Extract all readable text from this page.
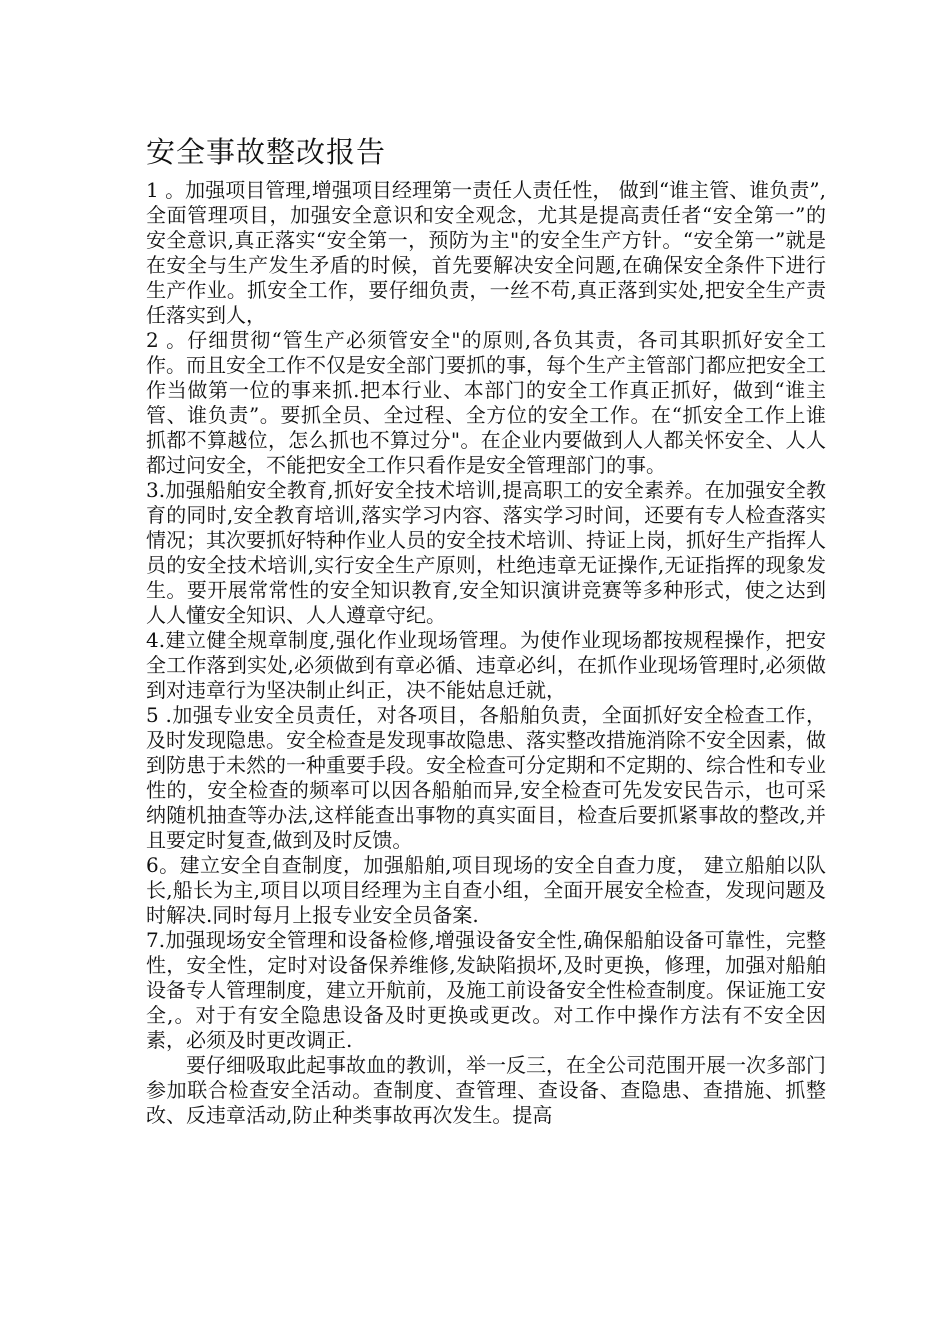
安全事故整改报告

1 。加强项目管理,增强项目经理第一责任人责任性， 做到“谁主管、谁负责”,全面管理项目，加强安全意识和安全观念，尤其是提高责任者“安全第一”的安全意识,真正落实“安全第一，预防为主"的安全生产方针。“安全第一”就是在安全与生产发生矛盾的时候，首先要解决安全问题,在确保安全条件下进行生产作业。抓安全工作，要仔细负责，一丝不苟,真正落到实处,把安全生产责任落实到人，

2 。仔细贯彻“管生产必须管安全"的原则,各负其责，各司其职抓好安全工作。而且安全工作不仅是安全部门要抓的事，每个生产主管部门都应把安全工作当做第一位的事来抓.把本行业、本部门的安全工作真正抓好，做到“谁主管、谁负责”。要抓全员、全过程、全方位的安全工作。在“抓安全工作上谁抓都不算越位，怎么抓也不算过分"。在企业内要做到人人都关怀安全、人人都过问安全，不能把安全工作只看作是安全管理部门的事。

3.加强船舶安全教育,抓好安全技术培训,提高职工的安全素养。在加强安全教育的同时,安全教育培训,落实学习内容、落实学习时间，还要有专人检查落实情况；其次要抓好特种作业人员的安全技术培训、持证上岗，抓好生产指挥人员的安全技术培训,实行安全生产原则，杜绝违章无证操作,无证指挥的现象发生。要开展常常性的安全知识教育,安全知识演讲竞赛等多种形式，使之达到人人懂安全知识、人人遵章守纪。

4.建立健全规章制度,强化作业现场管理。为使作业现场都按规程操作，把安全工作落到实处,必须做到有章必循、违章必纠，在抓作业现场管理时,必须做到对违章行为坚决制止纠正，决不能姑息迁就，

5 .加强专业安全员责任，对各项目，各船舶负责，全面抓好安全检查工作，及时发现隐患。安全检查是发现事故隐患、落实整改措施消除不安全因素，做到防患于未然的一种重要手段。安全检查可分定期和不定期的、综合性和专业性的，安全检查的频率可以因各船舶而异,安全检查可先发安民告示，也可采纳随机抽查等办法,这样能查出事物的真实面目，检查后要抓紧事故的整改,并且要定时复查,做到及时反馈。

6。建立安全自查制度，加强船舶,项目现场的安全自查力度， 建立船舶以队长,船长为主,项目以项目经理为主自查小组，全面开展安全检查，发现问题及时解决.同时每月上报专业安全员备案.

7.加强现场安全管理和设备检修,增强设备安全性,确保船舶设备可靠性，完整性，安全性，定时对设备保养维修,发缺陷损坏,及时更换，修理，加强对船舶设备专人管理制度，建立开航前，及施工前设备安全性检查制度。保证施工安全,。对于有安全隐患设备及时更换或更改。对工作中操作方法有不安全因素，必须及时更改调正.

要仔细吸取此起事故血的教训，举一反三，在全公司范围开展一次多部门参加联合检查安全活动。查制度、查管理、查设备、查隐患、查措施、抓整改、反违章活动,防止种类事故再次发生。提高
